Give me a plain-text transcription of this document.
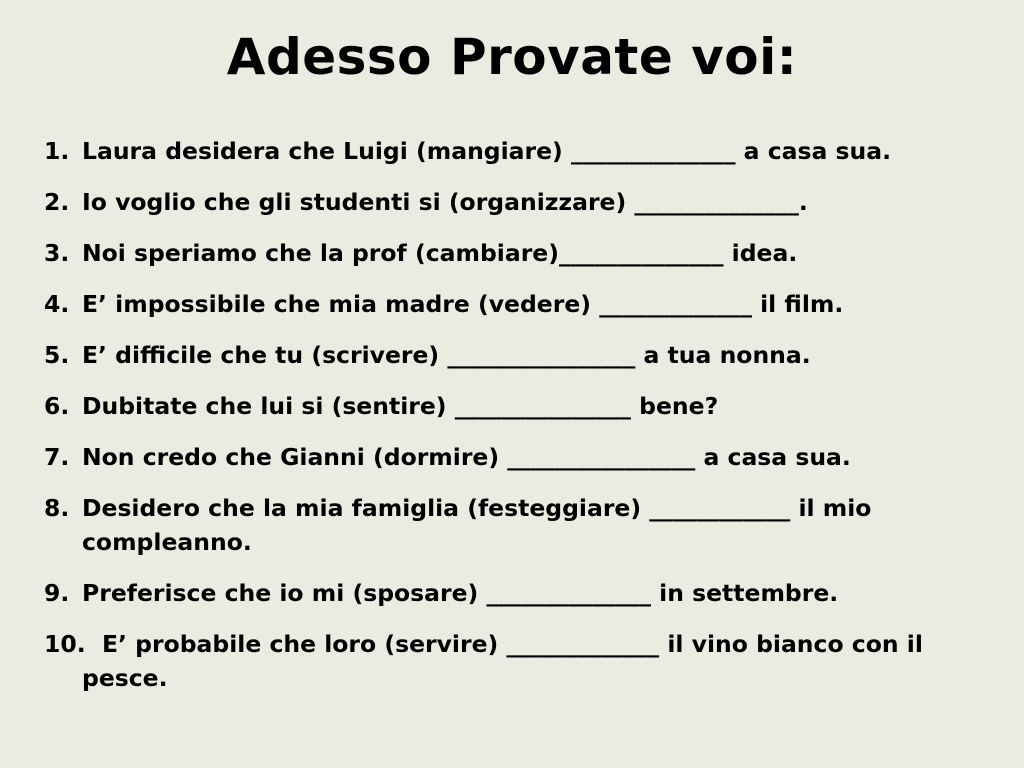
Adesso Provate voi:
1. Laura desidera che Luigi (mangiare) ______________ a casa sua.
2. Io voglio che gli studenti si (organizzare) ______________.
3. Noi speriamo che la prof (cambiare)______________ idea.
4. E’ impossibile che mia madre (vedere) _____________ il film.
5. E’ difficile che tu (scrivere) ________________ a tua nonna.
6. Dubitate che lui si (sentire) _______________ bene?
7. Non credo che Gianni (dormire) ________________ a casa sua.
8. Desidero che la mia famiglia (festeggiare) ____________ il mio compleanno.
9. Preferisce che io mi (sposare) ______________ in settembre.
10. E’ probabile che loro (servire) _____________ il vino bianco con il pesce.
